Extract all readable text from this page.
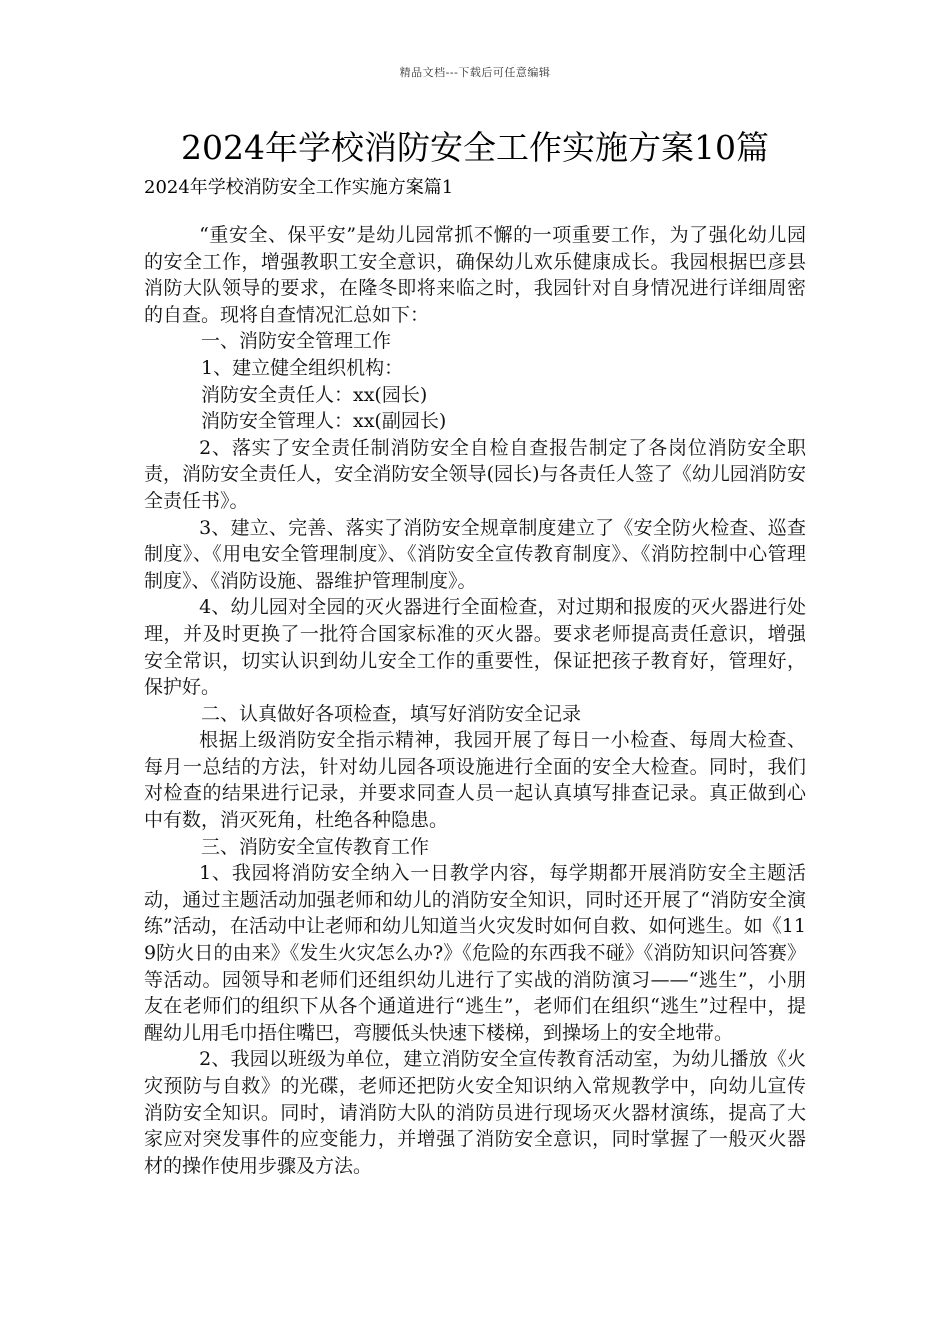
精品文档---下载后可任意编辑
2024年学校消防安全工作实施方案10篇

2024年学校消防安全工作实施方案篇1

“重安全、保平安”是幼儿园常抓不懈的一项重要工作，为了强化幼儿园的安全工作，增强教职工安全意识，确保幼儿欢乐健康成长。我园根据巴彦县消防大队领导的要求，在隆冬即将来临之时，我园针对自身情况进行详细周密的自查。现将自查情况汇总如下：

一、消防安全管理工作

1、建立健全组织机构：

消防安全责任人：xx(园长)

消防安全管理人：xx(副园长)

2、落实了安全责任制消防安全自检自查报告制定了各岗位消防安全职责，消防安全责任人，安全消防安全领导(园长)与各责任人签了《幼儿园消防安全责任书》。

3、建立、完善、落实了消防安全规章制度建立了《安全防火检查、巡查制度》、《用电安全管理制度》、《消防安全宣传教育制度》、《消防控制中心管理制度》、《消防设施、器维护管理制度》。

4、幼儿园对全园的灭火器进行全面检查，对过期和报废的灭火器进行处理，并及时更换了一批符合国家标准的灭火器。要求老师提高责任意识，增强安全常识，切实认识到幼儿安全工作的重要性，保证把孩子教育好，管理好，保护好。

二、认真做好各项检查，填写好消防安全记录

根据上级消防安全指示精神，我园开展了每日一小检查、每周大检查、每月一总结的方法，针对幼儿园各项设施进行全面的安全大检查。同时，我们对检查的结果进行记录，并要求同查人员一起认真填写排查记录。真正做到心中有数，消灭死角，杜绝各种隐患。

三、消防安全宣传教育工作

1、我园将消防安全纳入一日教学内容，每学期都开展消防安全主题活动，通过主题活动加强老师和幼儿的消防安全知识，同时还开展了“消防安全演练”活动，在活动中让老师和幼儿知道当火灾发时如何自救、如何逃生。如《119防火日的由来》《发生火灾怎么办?》《危险的东西我不碰》《消防知识问答赛》等活动。园领导和老师们还组织幼儿进行了实战的消防演习——“逃生”，小朋友在老师们的组织下从各个通道进行“逃生”，老师们在组织“逃生”过程中，提醒幼儿用毛巾捂住嘴巴，弯腰低头快速下楼梯，到操场上的安全地带。

2、我园以班级为单位，建立消防安全宣传教育活动室，为幼儿播放《火灾预防与自救》的光碟，老师还把防火安全知识纳入常规教学中，向幼儿宣传消防安全知识。同时，请消防大队的消防员进行现场灭火器材演练，提高了大家应对突发事件的应变能力，并增强了消防安全意识，同时掌握了一般灭火器材的操作使用步骤及方法。
